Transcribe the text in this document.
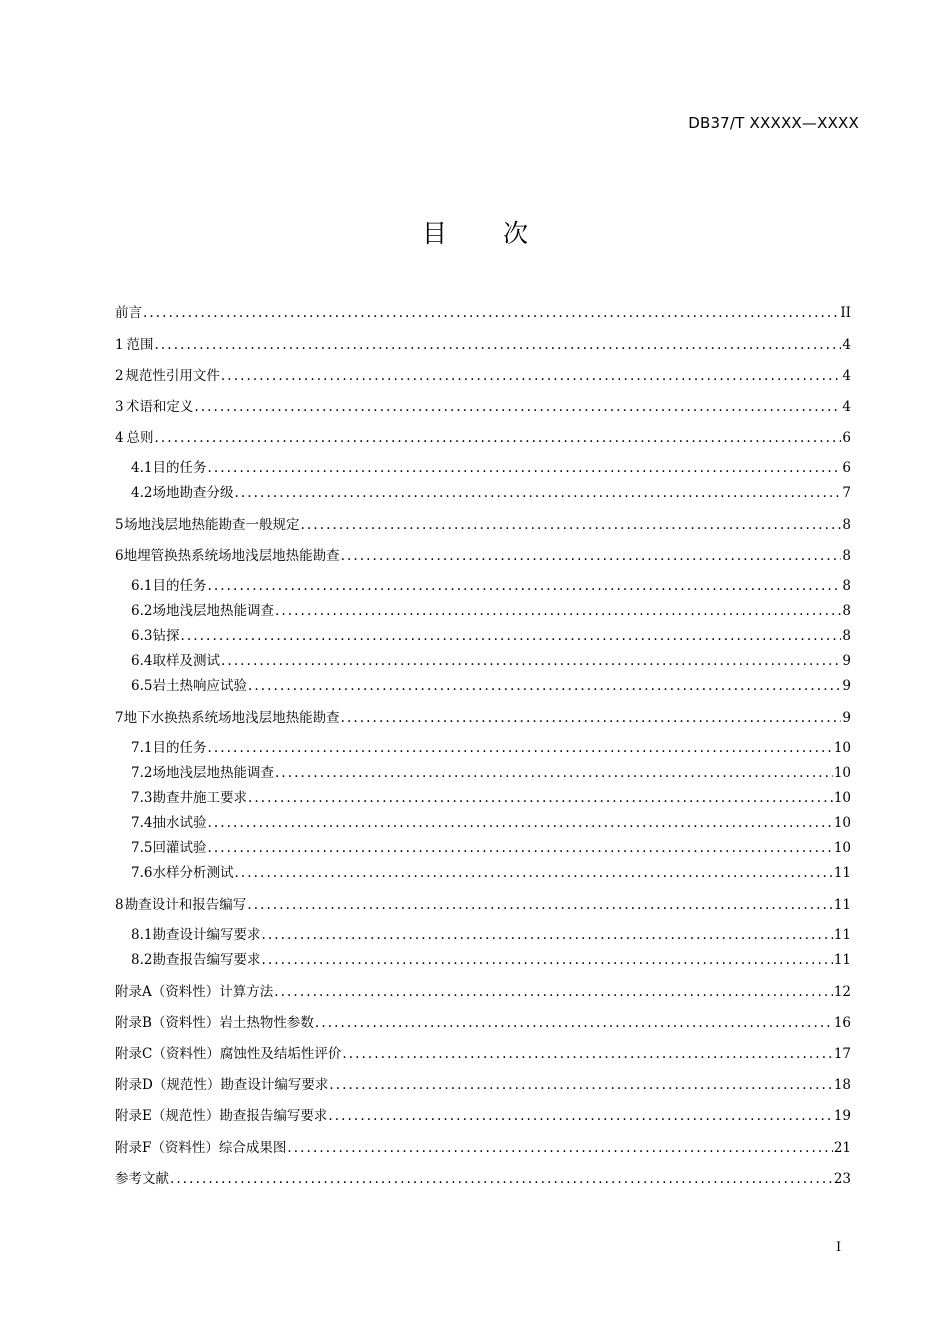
DB37/T XXXXX—XXXX
目次
前言 .....	II
1 范围 .....	4
2 规范性引用文件 .....	4
3 术语和定义 .....	4
4 总则 .....	6
4.1 目的任务 .....	6
4.2 场地勘查分级 .....	7
5 场地浅层地热能勘查一般规定 .....	8
6 地埋管换热系统场地浅层地热能勘查 .....	8
6.1 目的任务 .....	8
6.2 场地浅层地热能调查 .....	8
6.3 钻探 .....	8
6.4 取样及测试 .....	9
6.5 岩土热响应试验 .....	9
7 地下水换热系统场地浅层地热能勘查 .....	9
7.1 目的任务 .....	10
7.2 场地浅层地热能调查 .....	10
7.3 勘查井施工要求 .....	10
7.4 抽水试验 .....	10
7.5 回灌试验 .....	10
7.6 水样分析测试 .....	11
8 勘查设计和报告编写 .....	11
8.1 勘查设计编写要求 .....	11
8.2 勘查报告编写要求 .....	11
附录A （资料性） 计算方法 .....	12
附录B （资料性） 岩土热物性参数 .....	16
附录C （资料性） 腐蚀性及结垢性评价 .....	17
附录D （规范性） 勘查设计编写要求 .....	18
附录E （规范性） 勘查报告编写要求 .....	19
附录F （资料性） 综合成果图 .....	21
参考文献 .....	23
I
